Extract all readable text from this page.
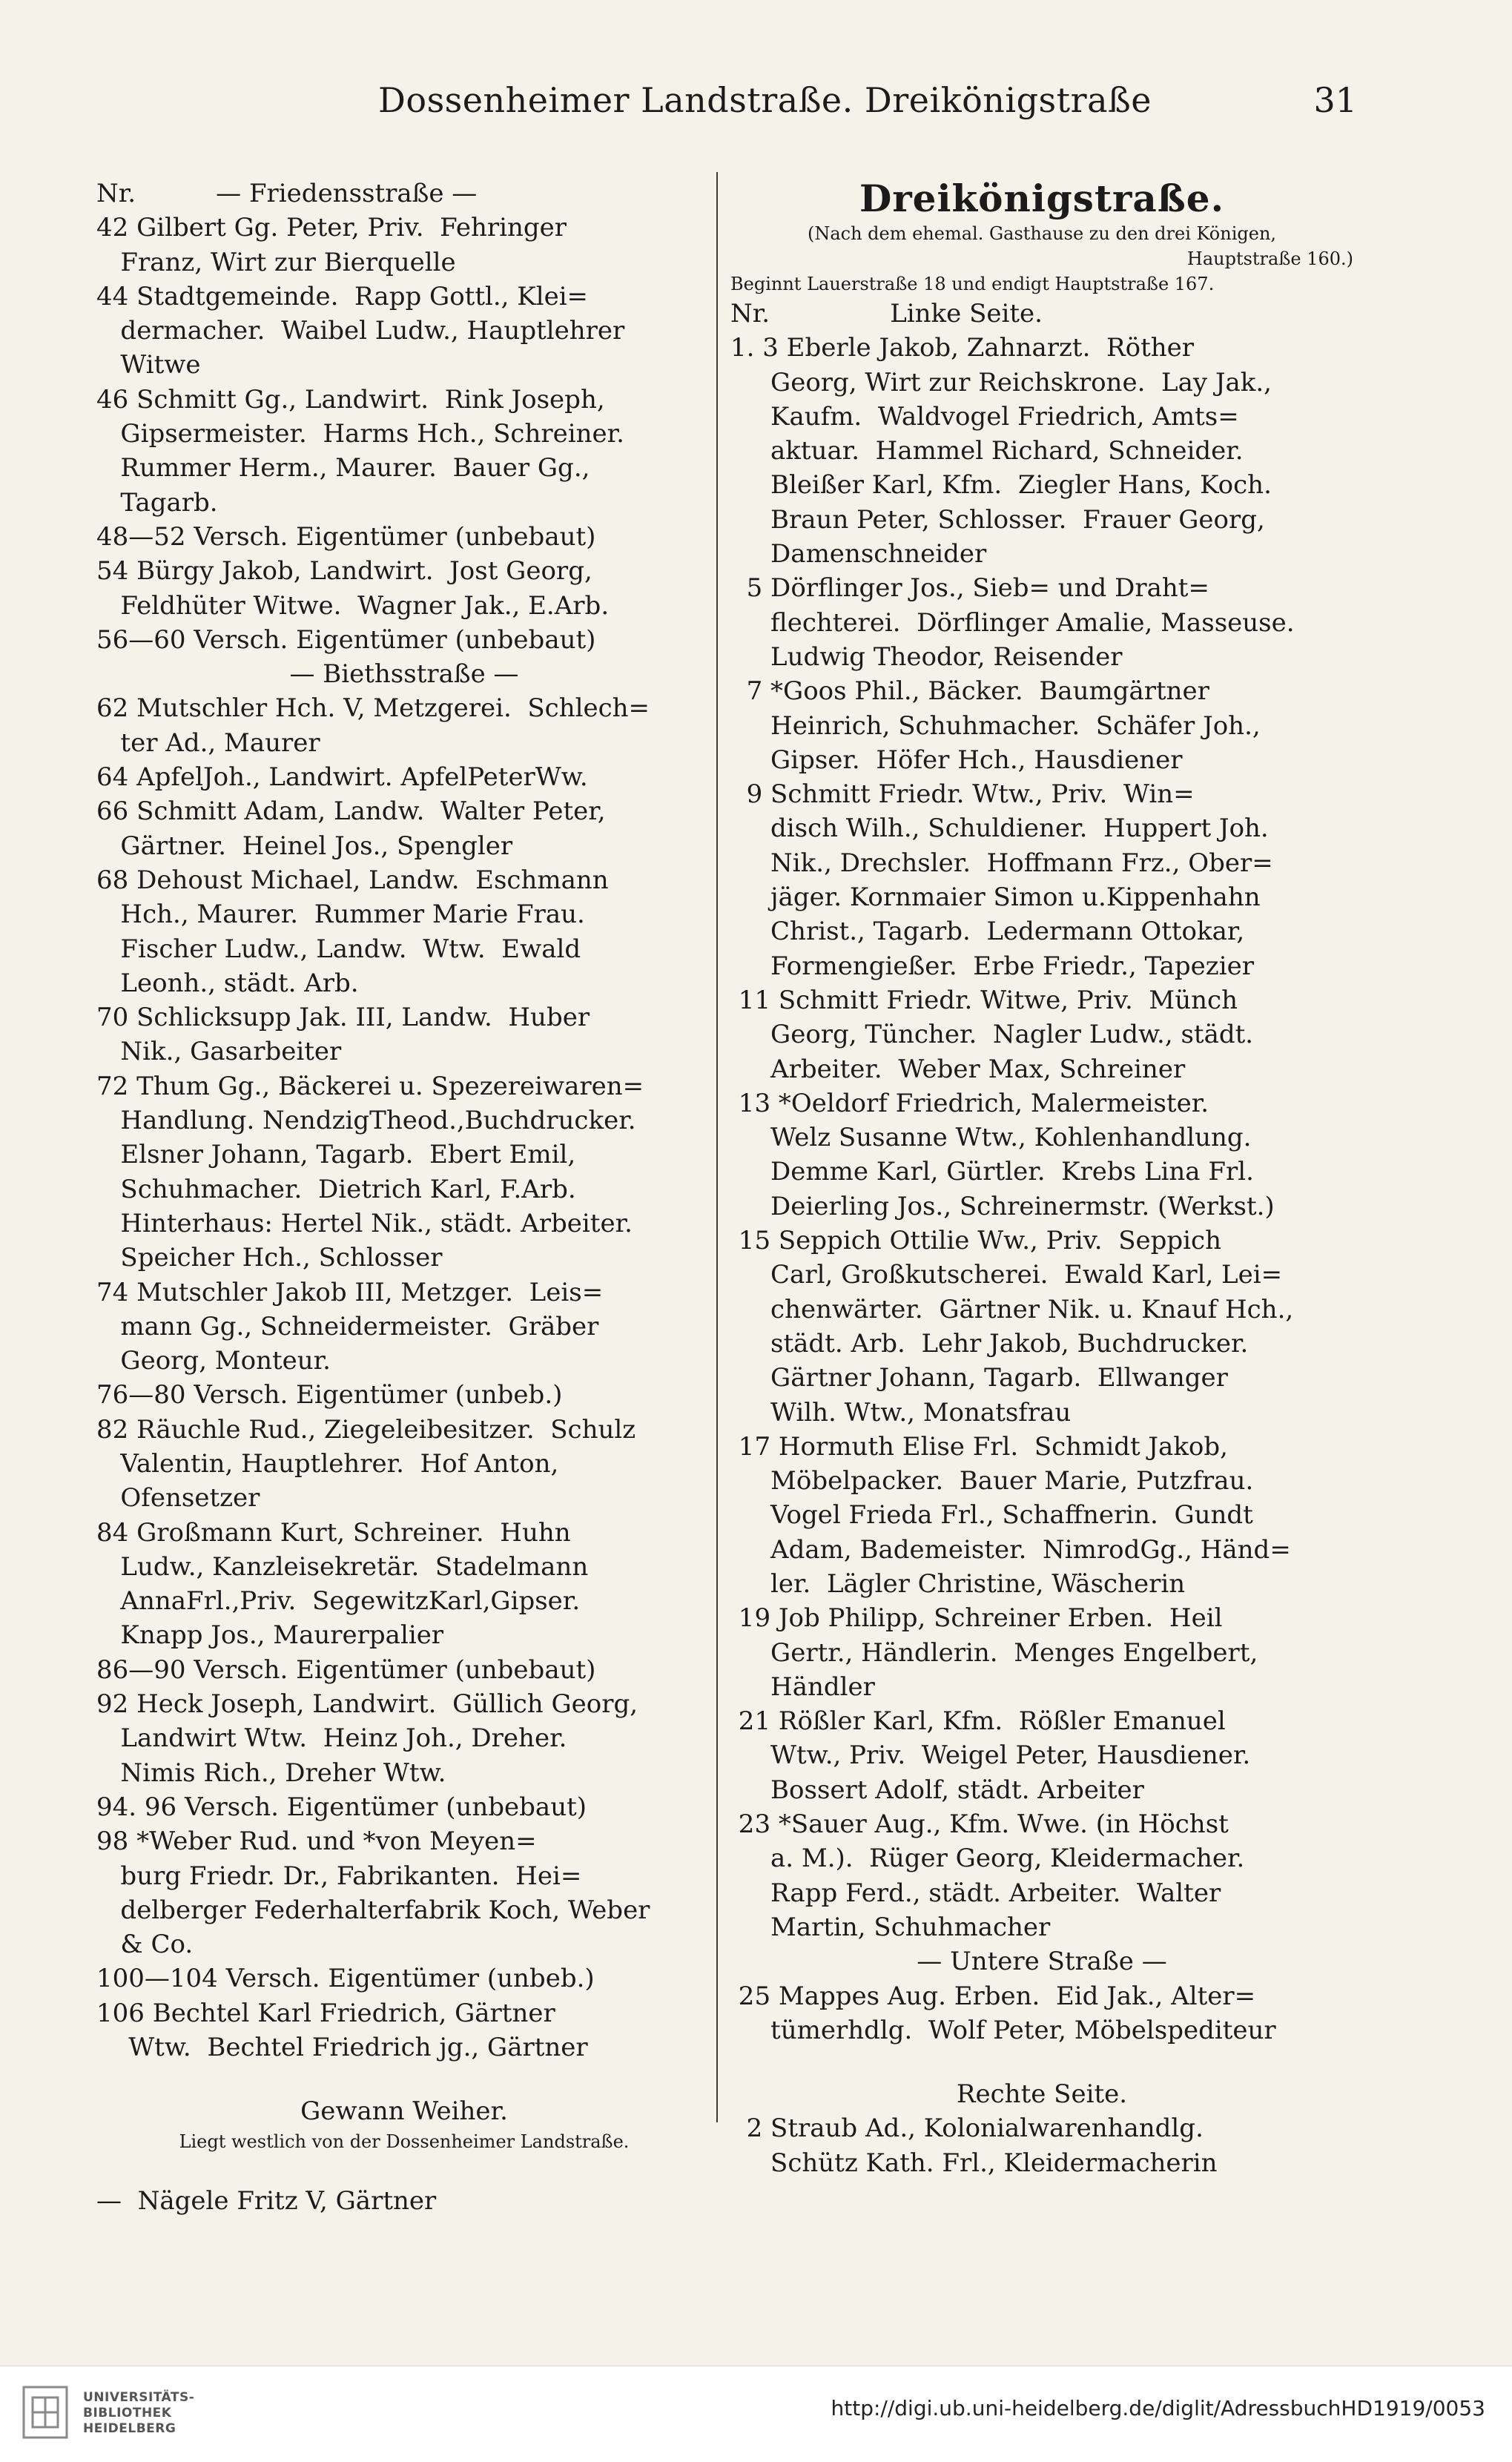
Dossenheimer Landstraße. Dreikönigstraße	31
Nr.          — Friedensstraße —
42 Gilbert Gg. Peter, Priv.  Fehringer
Franz, Wirt zur Bierquelle
44 Stadtgemeinde.  Rapp Gottl., Klei=
dermacher.  Waibel Ludw., Hauptlehrer
Witwe
46 Schmitt Gg., Landwirt.  Rink Joseph,
Gipsermeister.  Harms Hch., Schreiner.
Rummer Herm., Maurer.  Bauer Gg.,
Tagarb.
48—52 Versch. Eigentümer (unbebaut)
54 Bürgy Jakob, Landwirt.  Jost Georg,
Feldhüter Witwe.  Wagner Jak., E.Arb.
56—60 Versch. Eigentümer (unbebaut)
— Biethsstraße —
62 Mutschler Hch. V, Metzgerei.  Schlech=
ter Ad., Maurer
64 ApfelJoh., Landwirt. ApfelPeterWw.
66 Schmitt Adam, Landw.  Walter Peter,
Gärtner.  Heinel Jos., Spengler
68 Dehoust Michael, Landw.  Eschmann
Hch., Maurer.  Rummer Marie Frau.
Fischer Ludw., Landw.  Wtw.  Ewald
Leonh., städt. Arb.
70 Schlicksupp Jak. III, Landw.  Huber
Nik., Gasarbeiter
72 Thum Gg., Bäckerei u. Spezereiwaren=
Handlung. NendzigTheod.,Buchdrucker.
Elsner Johann, Tagarb.  Ebert Emil,
Schuhmacher.  Dietrich Karl, F.Arb.
Hinterhaus: Hertel Nik., städt. Arbeiter.
Speicher Hch., Schlosser
74 Mutschler Jakob III, Metzger.  Leis=
mann Gg., Schneidermeister.  Gräber
Georg, Monteur.
76—80 Versch. Eigentümer (unbeb.)
82 Räuchle Rud., Ziegeleibesitzer.  Schulz
Valentin, Hauptlehrer.  Hof Anton,
Ofensetzer
84 Großmann Kurt, Schreiner.  Huhn
Ludw., Kanzleisekretär.  Stadelmann
AnnaFrl.,Priv.  SegewitzKarl,Gipser.
Knapp Jos., Maurerpalier
86—90 Versch. Eigentümer (unbebaut)
92 Heck Joseph, Landwirt.  Güllich Georg,
Landwirt Wtw.  Heinz Joh., Dreher.
Nimis Rich., Dreher Wtw.
94. 96 Versch. Eigentümer (unbebaut)
98 *Weber Rud. und *von Meyen=
burg Friedr. Dr., Fabrikanten.  Hei=
delberger Federhalterfabrik Koch, Weber
& Co.
100—104 Versch. Eigentümer (unbeb.)
106 Bechtel Karl Friedrich, Gärtner
Wtw.  Bechtel Friedrich jg., Gärtner
Gewann Weiher.
Liegt westlich von der Dossenheimer Landstraße.
—  Nägele Fritz V, Gärtner
Dreikönigstraße.
(Nach dem ehemal. Gasthause zu den drei Königen,
Hauptstraße 160.)
Beginnt Lauerstraße 18 und endigt Hauptstraße 167.
Nr.               Linke Seite.
1. 3 Eberle Jakob, Zahnarzt.  Röther
Georg, Wirt zur Reichskrone.  Lay Jak.,
Kaufm.  Waldvogel Friedrich, Amts=
aktuar.  Hammel Richard, Schneider.
Bleißer Karl, Kfm.  Ziegler Hans, Koch.
Braun Peter, Schlosser.  Frauer Georg,
Damenschneider
5 Dörflinger Jos., Sieb= und Draht=
flechterei.  Dörflinger Amalie, Masseuse.
Ludwig Theodor, Reisender
7 *Goos Phil., Bäcker.  Baumgärtner
Heinrich, Schuhmacher.  Schäfer Joh.,
Gipser.  Höfer Hch., Hausdiener
9 Schmitt Friedr. Wtw., Priv.  Win=
disch Wilh., Schuldiener.  Huppert Joh.
Nik., Drechsler.  Hoffmann Frz., Ober=
jäger. Kornmaier Simon u.Kippenhahn
Christ., Tagarb.  Ledermann Ottokar,
Formengießer.  Erbe Friedr., Tapezier
11 Schmitt Friedr. Witwe, Priv.  Münch
Georg, Tüncher.  Nagler Ludw., städt.
Arbeiter.  Weber Max, Schreiner
13 *Oeldorf Friedrich, Malermeister.
Welz Susanne Wtw., Kohlenhandlung.
Demme Karl, Gürtler.  Krebs Lina Frl.
Deierling Jos., Schreinermstr. (Werkst.)
15 Seppich Ottilie Ww., Priv.  Seppich
Carl, Großkutscherei.  Ewald Karl, Lei=
chenwärter.  Gärtner Nik. u. Knauf Hch.,
städt. Arb.  Lehr Jakob, Buchdrucker.
Gärtner Johann, Tagarb.  Ellwanger
Wilh. Wtw., Monatsfrau
17 Hormuth Elise Frl.  Schmidt Jakob,
Möbelpacker.  Bauer Marie, Putzfrau.
Vogel Frieda Frl., Schaffnerin.  Gundt
Adam, Bademeister.  NimrodGg., Händ=
ler.  Lägler Christine, Wäscherin
19 Job Philipp, Schreiner Erben.  Heil
Gertr., Händlerin.  Menges Engelbert,
Händler
21 Rößler Karl, Kfm.  Rößler Emanuel
Wtw., Priv.  Weigel Peter, Hausdiener.
Bossert Adolf, städt. Arbeiter
23 *Sauer Aug., Kfm. Wwe. (in Höchst
a. M.).  Rüger Georg, Kleidermacher.
Rapp Ferd., städt. Arbeiter.  Walter
Martin, Schuhmacher
— Untere Straße —
25 Mappes Aug. Erben.  Eid Jak., Alter=
tümerhdlg.  Wolf Peter, Möbelspediteur
Rechte Seite.
2 Straub Ad., Kolonialwarenhandlg.
Schütz Kath. Frl., Kleidermacherin
UNIVERSITÄTS-
BIBLIOTHEK
HEIDELBERG
http://digi.ub.uni-heidelberg.de/diglit/AdressbuchHD1919/0053
